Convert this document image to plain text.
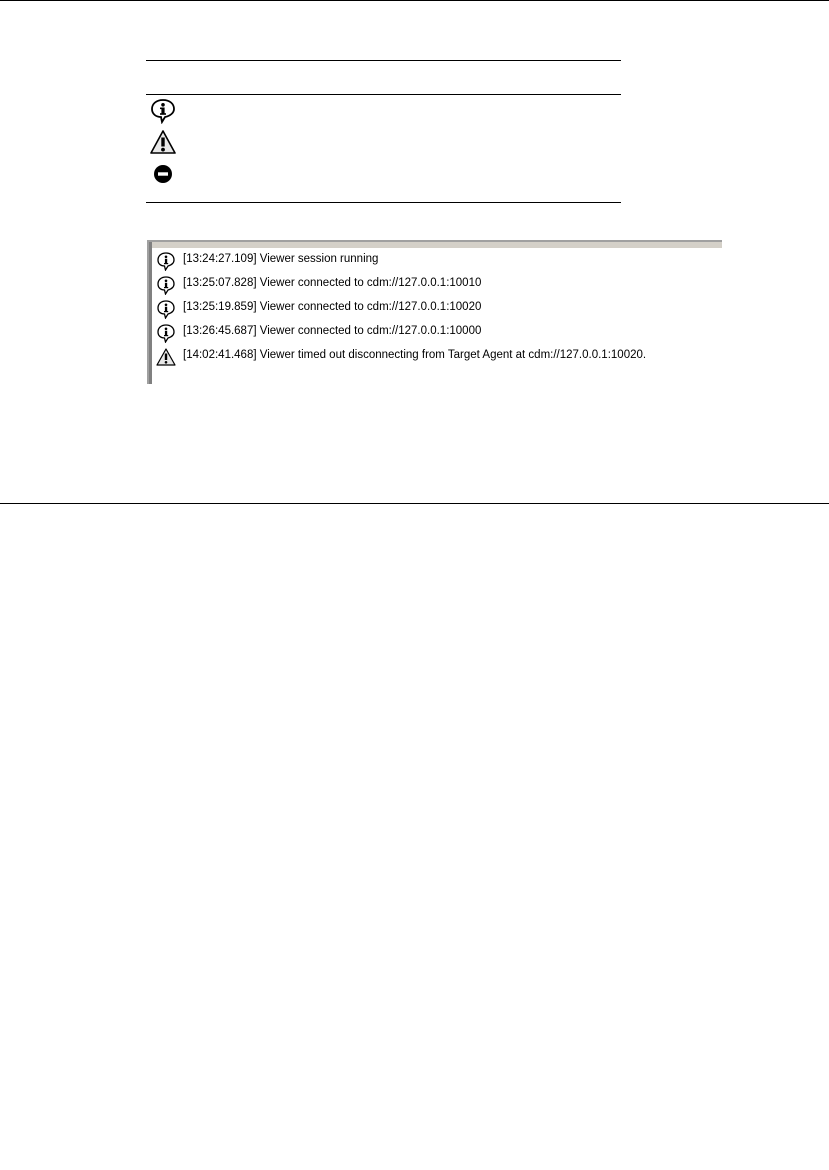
[13:24:27.109] Viewer session running
[13:25:07.828] Viewer connected to cdm://127.0.0.1:10010
[13:25:19.859] Viewer connected to cdm://127.0.0.1:10020
[13:26:45.687] Viewer connected to cdm://127.0.0.1:10000
[14:02:41.468] Viewer timed out disconnecting from Target Agent at cdm://127.0.0.1:10020.
